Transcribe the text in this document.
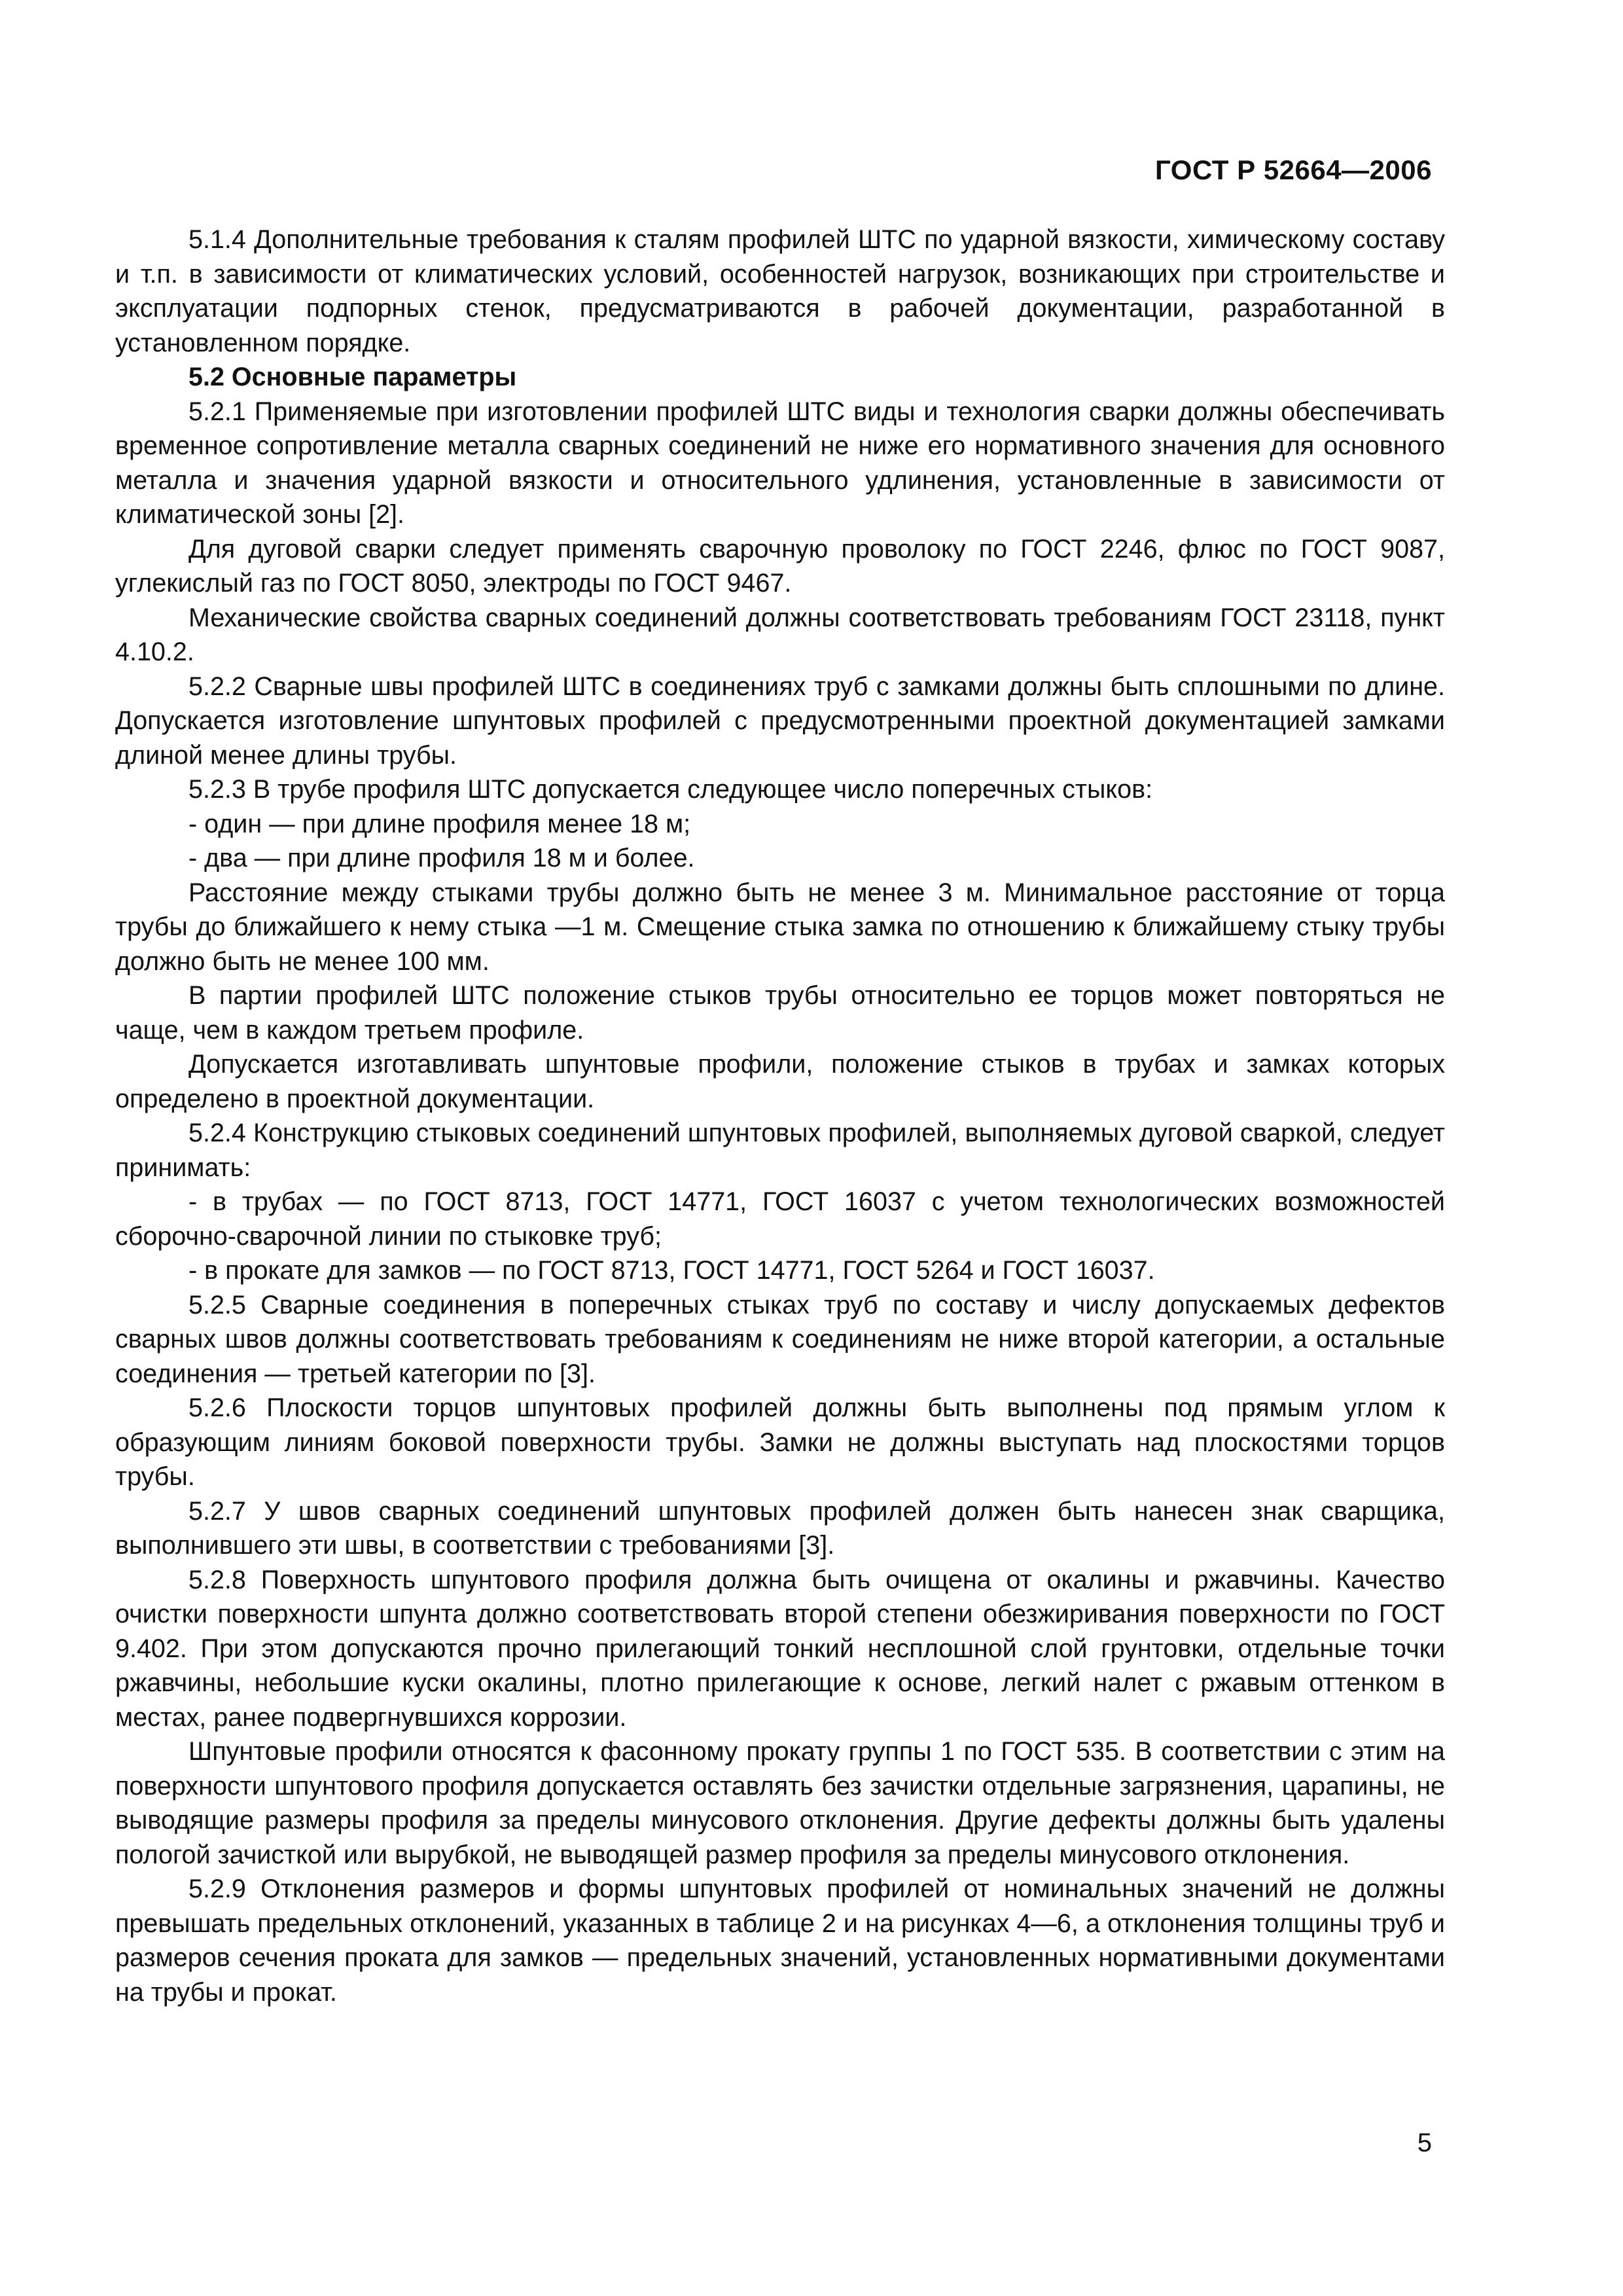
ГОСТ Р 52664—2006

5.1.4 Дополнительные требования к сталям профилей ШТС по ударной вязкости, химическому составу и т.п. в зависимости от климатических условий, особенностей нагрузок, возникающих при строительстве и эксплуатации подпорных стенок, предусматриваются в рабочей документации, разработанной в установленном порядке.

5.2 Основные параметры

5.2.1 Применяемые при изготовлении профилей ШТС виды и технология сварки должны обеспечивать временное сопротивление металла сварных соединений не ниже его нормативного значения для основного металла и значения ударной вязкости и относительного удлинения, установленные в зависимости от климатической зоны [2].

Для дуговой сварки следует применять сварочную проволоку по ГОСТ 2246, флюс по ГОСТ 9087, углекислый газ по ГОСТ 8050, электроды по ГОСТ 9467.

Механические свойства сварных соединений должны соответствовать требованиям ГОСТ 23118, пункт 4.10.2.

5.2.2 Сварные швы профилей ШТС в соединениях труб с замками должны быть сплошными по длине. Допускается изготовление шпунтовых профилей с предусмотренными проектной документацией замками длиной менее длины трубы.

5.2.3 В трубе профиля ШТС допускается следующее число поперечных стыков:

- один — при длине профиля менее 18 м;

- два — при длине профиля 18 м и более.

Расстояние между стыками трубы должно быть не менее 3 м. Минимальное расстояние от торца трубы до ближайшего к нему стыка —1 м. Смещение стыка замка по отношению к ближайшему стыку трубы должно быть не менее 100 мм.

В партии профилей ШТС положение стыков трубы относительно ее торцов может повторяться не чаще, чем в каждом третьем профиле.

Допускается изготавливать шпунтовые профили, положение стыков в трубах и замках которых определено в проектной документации.

5.2.4 Конструкцию стыковых соединений шпунтовых профилей, выполняемых дуговой сваркой, следует принимать:

- в трубах — по ГОСТ 8713, ГОСТ 14771, ГОСТ 16037 с учетом технологических возможностей сборочно-сварочной линии по стыковке труб;

- в прокате для замков — по ГОСТ 8713, ГОСТ 14771, ГОСТ 5264 и ГОСТ 16037.

5.2.5 Сварные соединения в поперечных стыках труб по составу и числу допускаемых дефектов сварных швов должны соответствовать требованиям к соединениям не ниже второй категории, а остальные соединения — третьей категории по [3].

5.2.6 Плоскости торцов шпунтовых профилей должны быть выполнены под прямым углом к образующим линиям боковой поверхности трубы. Замки не должны выступать над плоскостями торцов трубы.

5.2.7 У швов сварных соединений шпунтовых профилей должен быть нанесен знак сварщика, выполнившего эти швы, в соответствии с требованиями [3].

5.2.8 Поверхность шпунтового профиля должна быть очищена от окалины и ржавчины. Качество очистки поверхности шпунта должно соответствовать второй степени обезжиривания поверхности по ГОСТ 9.402. При этом допускаются прочно прилегающий тонкий несплошной слой грунтовки, отдельные точки ржавчины, небольшие куски окалины, плотно прилегающие к основе, легкий налет с ржавым оттенком в местах, ранее подвергнувшихся коррозии.

Шпунтовые профили относятся к фасонному прокату группы 1 по ГОСТ 535. В соответствии с этим на поверхности шпунтового профиля допускается оставлять без зачистки отдельные загрязнения, царапины, не выводящие размеры профиля за пределы минусового отклонения. Другие дефекты должны быть удалены пологой зачисткой или вырубкой, не выводящей размер профиля за пределы минусового отклонения.

5.2.9 Отклонения размеров и формы шпунтовых профилей от номинальных значений не должны превышать предельных отклонений, указанных в таблице 2 и на рисунках 4—6, а отклонения толщины труб и размеров сечения проката для замков — предельных значений, установленных нормативными документами на трубы и прокат.

5
